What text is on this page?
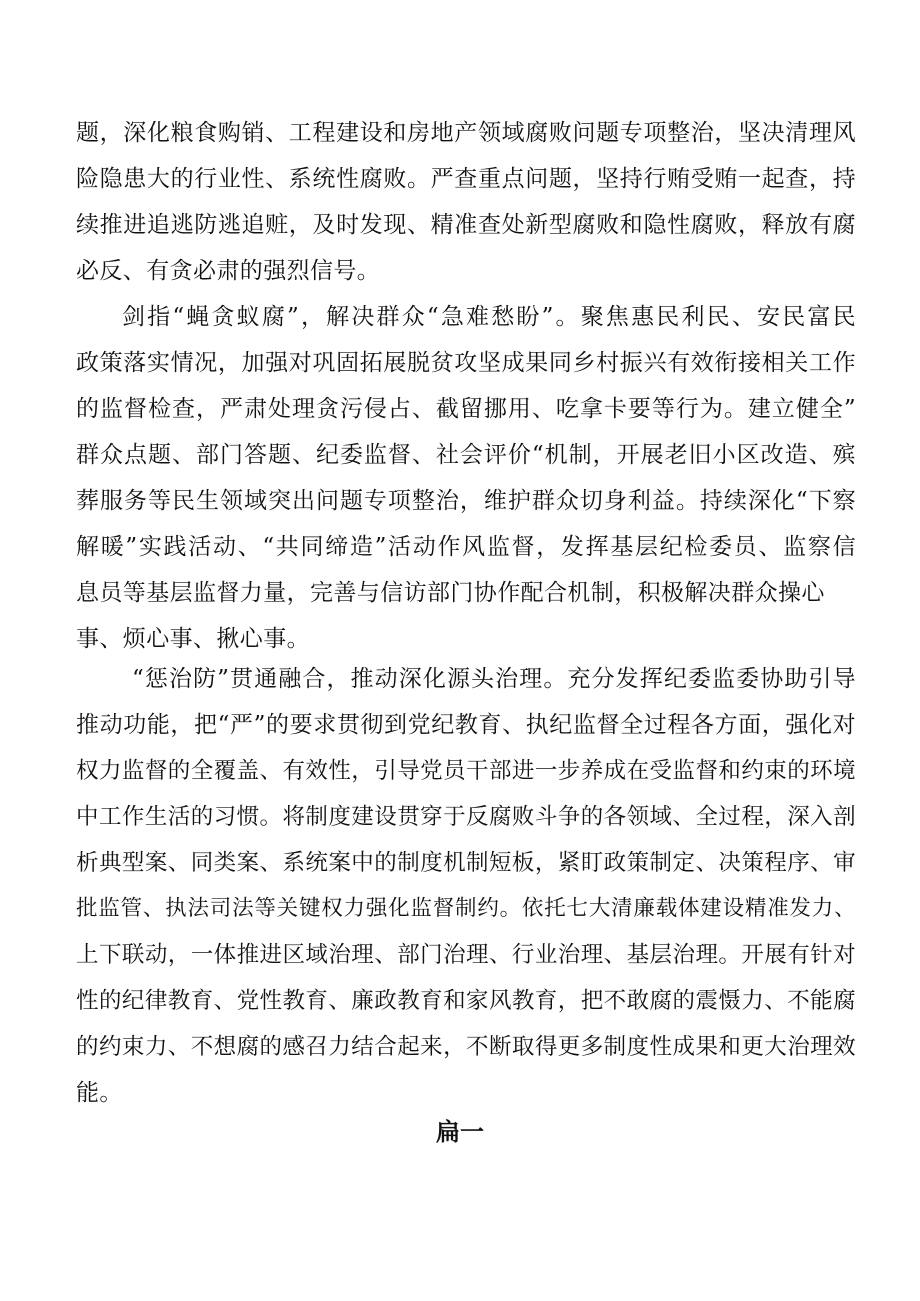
题，深化粮食购销、工程建设和房地产领域腐败问题专项整治，坚决清理风
险隐患大的行业性、系统性腐败。严查重点问题，坚持行贿受贿一起查，持
续推进追逃防逃追赃，及时发现、精准查处新型腐败和隐性腐败，释放有腐
必反、有贪必肃的强烈信号。
剑指“蝇贪蚁腐”，解决群众“急难愁盼”。聚焦惠民利民、安民富民
政策落实情况，加强对巩固拓展脱贫攻坚成果同乡村振兴有效衔接相关工作
的监督检查，严肃处理贪污侵占、截留挪用、吃拿卡要等行为。建立健全”
群众点题、部门答题、纪委监督、社会评价“机制，开展老旧小区改造、殡
葬服务等民生领域突出问题专项整治，维护群众切身利益。持续深化“下察
解暖”实践活动、“共同缔造”活动作风监督，发挥基层纪检委员、监察信
息员等基层监督力量，完善与信访部门协作配合机制，积极解决群众操心
事、烦心事、揪心事。
“惩治防”贯通融合，推动深化源头治理。充分发挥纪委监委协助引导
推动功能，把“严”的要求贯彻到党纪教育、执纪监督全过程各方面，强化对
权力监督的全覆盖、有效性，引导党员干部进一步养成在受监督和约束的环境
中工作生活的习惯。将制度建设贯穿于反腐败斗争的各领域、全过程，深入剖
析典型案、同类案、系统案中的制度机制短板，紧盯政策制定、决策程序、审
批监管、执法司法等关键权力强化监督制约。依托七大清廉载体建设精准发力、
上下联动，一体推进区域治理、部门治理、行业治理、基层治理。开展有针对
性的纪律教育、党性教育、廉政教育和家风教育，把不敢腐的震慑力、不能腐
的约束力、不想腐的感召力结合起来，不断取得更多制度性成果和更大治理效
能。
扁一
